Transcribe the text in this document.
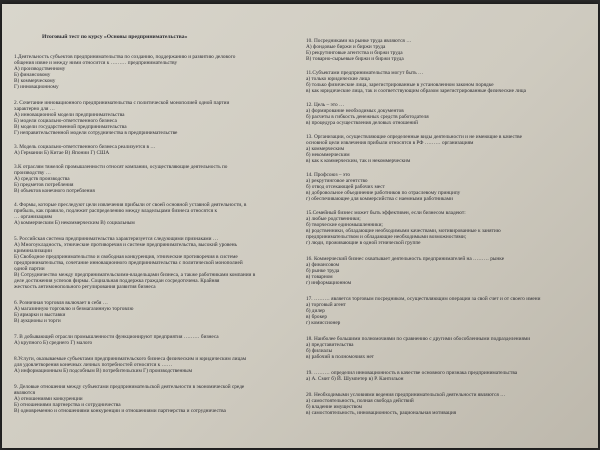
Итоговый тест по курсу «Основы предпринимательства»
1.Деятельность субъектов предпринимательства по созданию, поддержанию и развитию делового
общения извне и между ними относится к ……… предпринимательству
А) производственному
Б) финансовому
В) коммерческому
Г) инновационному
2. Сочетание инновационного предпринимательства с политической монополией одной партии
характерно для …
А) инновационной модели предпринимательства
Б) модели социально-ответственного бизнеса
В) модели государственной предпринимательства
Г) неправительственной модели сотрудничества в предпринимательстве
3. Модель социально-ответственного бизнеса реализуется в …
А) Германии Б) Китае В) Японии Г) США
3.К отраслям тяжелой промышленности относят компании, осуществляющие деятельность по
производству …
А) средств производства
Б) предметов потребления
В) объектов конечного потребления
4. Формы, которые преследуют цели извлечения прибыли от своей основной уставной деятельности, в
прибыль, как правило, подлежит распределению между владельцами бизнеса относятся к
… организациям
А) коммерческим Б) некоммерческим В) социальным
5. Российская система предпринимательства характеризуется следующими признаками …
А) Многоукладность, этнические противоречия и системе предпринимательства, высокий уровень
криминализации
Б) Свободное предпринимательство и свободная конкуренция, этнические противоречия в системе
предпринимательства, сочетание инновационного предпринимательства с политической монополией
одной партии
В) Сотрудничество между предпринимательскими-владельцами бизнеса, а также работниками компании в
деле достижения успехов фирмы. Социальная поддержка граждан сосредоточена. Крайняя
жесткость антимонопольного регулирования развития бизнеса
6. Розничная торговля включает в себя …
А) магазинную торговлю и безмагазинную торговлю
Б) ярмарки и выставки
В) аукционы и торги
7. В добывающей отрасли промышленности функционируют предприятия ……… бизнеса
А) крупного Б) среднего Г) малого
8.Услуги, оказываемые субъектами предпринимательского бизнеса физическим и юридическим лицам
для удовлетворения конечных личных потребностей относятся к ……
А) информационным Б) подсобным В) потребительским Г) производственным
9. Деловые отношения между субъектами предпринимательской деятельности в экономической среде
являются
А) отношениями конкуренции
Б) отношениями партнерства и сотрудничества
В) одновременно и отношениями конкуренции и отношениями партнерства и сотрудничества
10. Посредниками на рынке труда являются …
А) фондовые биржи и биржи труда
Б) рекрутинговые агентства и биржи труда
В) товарно-сырьевые биржи и биржи труда
11.Субъектами предпринимательства могут быть …
а) только юридические лица
б) только физические лица, зарегистрированные в установленном законом порядке
в) как юридические лица, так и соответствующим образом зарегистрированные физические лица
12. Цель – это …
а) формирование необходимых документов
б) расчеты в гибкость денежных средств работодателя
в) процедура осуществления деловых отношений
13. Организации, осуществляющие определенные виды деятельности и не имеющие в качестве
основной цели извлечения прибыли относятся в РФ ……… организациям
а) коммерческим
б) некоммерческим
в) как к коммерческим, так и некоммерческим
14. Профсоюз – это
а) рекрутинговое агентство
б) отвод отсекающей рабочих мест
в) добровольное объединение работников по отраслевому принципу
г) обеспечивающее для коммерсийства с наемными работниками
15.Семейный бизнес может быть эффективен, если бизнесом владеют:
а) любые родственники;
б) творческие единомышленники;
в) родственники, обладающие необходимыми качествами, мотивированные к занятию
предпринимательством и обладающие необходимыми возможностями;
г) люди, проживающие в одной этнической группе
16. Коммерческий бизнес охватывает деятельность предпринимателей на ……… рынке
а) финансовом
б) рынке труда
в) товарном
г) информационном
17. ……… является торговым посредником, осуществляющим операции за свой счет и от своего имени
а) торговый агент
б) дилер
в) брокер
г) комиссионер
18. Наиболее большими полномочиями по сравнению с другими обособленными подразделениями
а) представительства
б) филиалы
в) рабочий в полномочиях нет
19. ……… определил инновационность в качестве основного признака предпринимательства
а) А. Смит б) Й. Шумпетер в) Р. Кантильон
20. Необходимыми условиями ведения предпринимательской деятельности являются …
а) самостоятельность, полная свобода действий
б) владение имуществом
в) самостоятельность, инновационность, рациональная мотивация
